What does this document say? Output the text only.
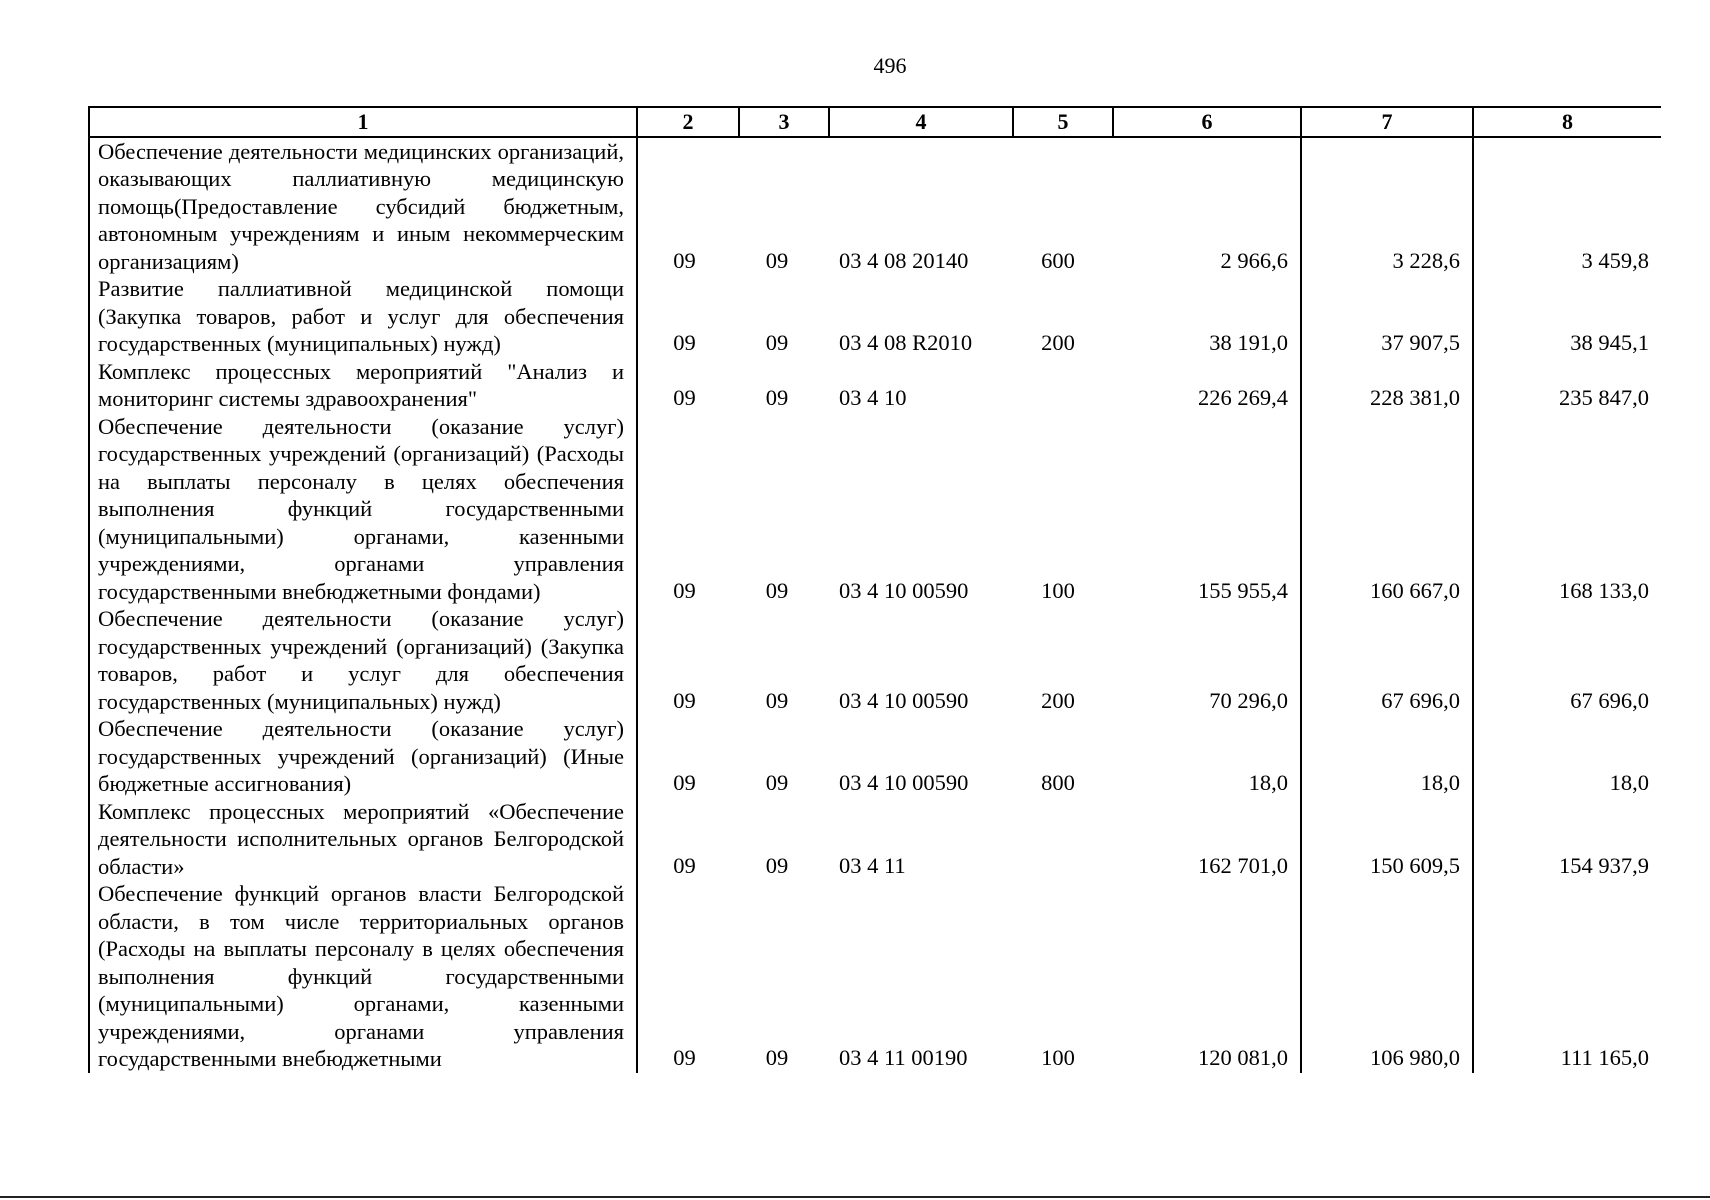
496
1	2	3	4	5	6	7	8
Обеспечение деятельности медицинских организаций, оказывающих паллиативную медицинскую помощь(Предоставление субсидий бюджетным, автономным учреждениям и иным некоммерческим организациям)	09	09	03 4 08 20140	600	2 966,6	3 228,6	3 459,8

Развитие паллиативной медицинской помощи (Закупка товаров, работ и услуг для обеспечения государственных (муниципальных) нужд)	09	09	03 4 08 R2010	200	38 191,0	37 907,5	38 945,1

Комплекс процессных мероприятий "Анализ и мониторинг системы здравоохранения"	09	09	03 4 10		226 269,4	228 381,0	235 847,0

Обеспечение деятельности (оказание услуг) государственных учреждений (организаций) (Расходы на выплаты персоналу в целях обеспечения выполнения функций государственными (муниципальными) органами, казенными учреждениями, органами управления государственными внебюджетными фондами)	09	09	03 4 10 00590	100	155 955,4	160 667,0	168 133,0

Обеспечение деятельности (оказание услуг) государственных учреждений (организаций) (Закупка товаров, работ и услуг для обеспечения государственных (муниципальных) нужд)	09	09	03 4 10 00590	200	70 296,0	67 696,0	67 696,0

Обеспечение деятельности (оказание услуг) государственных учреждений (организаций) (Иные бюджетные ассигнования)	09	09	03 4 10 00590	800	18,0	18,0	18,0

Комплекс процессных мероприятий «Обеспечение деятельности исполнительных органов Белгородской области»	09	09	03 4 11		162 701,0	150 609,5	154 937,9

Обеспечение функций органов власти Белгородской области, в том числе территориальных органов (Расходы на выплаты персоналу в целях обеспечения выполнения функций государственными (муниципальными) органами, казенными учреждениями, органами управления государственными внебюджетными	09	09	03 4 11 00190	100	120 081,0	106 980,0	111 165,0
